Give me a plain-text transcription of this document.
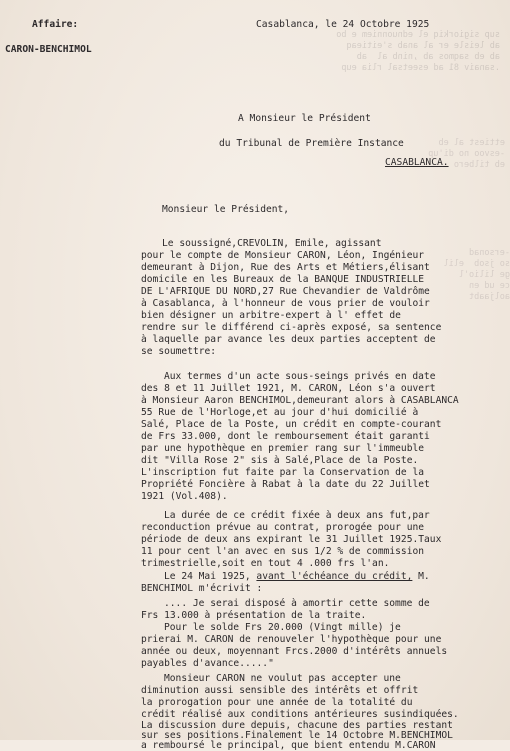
sup sigiorkiq el ednuonniem e bo
ab leisle er al anab s'eitieaq
ab eb saqmos ab ,ninb al  ab
.sanaiv 81 ad eseetsal rlia eup
ettiest al eb
-esvoo no di'up
eb tilbero
-ersonad
so jsob  elil
ge lilio'l
ce ud en
aoljaabt
Affaire:
CARON-BENCHIMOL
Casablanca, le 24 Octobre 1925
A Monsieur le Président
du Tribunal de Première Instance
CASABLANCA.
Monsieur le Président,
Le soussigné,CREVOLIN, Emile, agissant
pour le compte de Monsieur CARON, Léon, Ingénieur
demeurant à Dijon, Rue des Arts et Métiers,élisant
domicile en les Bureaux de la BANQUE INDUSTRIELLE
DE L'AFRIQUE DU NORD,27 Rue Chevandier de Valdrôme
à Casablanca, à l'honneur de vous prier de vouloir
bien désigner un arbitre-expert à l' effet de
rendre sur le différend ci-après exposé, sa sentence
à laquelle par avance les deux parties acceptent de
se soumettre:
Aux termes d'un acte sous-seings privés en date
des 8 et 11 Juillet 1921, M. CARON, Léon s'a ouvert
à Monsieur Aaron BENCHIMOL,demeurant alors à CASABLANCA
55 Rue de l'Horloge,et au jour d'hui domicilié à
Salé, Place de la Poste, un crédit en compte-courant
de Frs 33.000, dont le remboursement était garanti
par une hypothèque en premier rang sur l'immeuble
dit "Villa Rose 2" sis à Salé,Place de la Poste.
L'inscription fut faite par la Conservation de la
Propriété Foncière à Rabat à la date du 22 Juillet
1921 (Vol.408).
La durée de ce crédit fixée à deux ans fut,par
reconduction prévue au contrat, prorogée pour une
période de deux ans expirant le 31 Juillet 1925.Taux
11 pour cent l'an avec en sus 1/2 % de commission
trimestrielle,soit en tout 4 .000 frs l'an.
Le 24 Mai 1925, avant l'échéance du crédit, M.
BENCHIMOL m'écrivit :
.... Je serai disposé à amortir cette somme de
Frs 13.000 à présentation de la traite.
Pour le solde Frs 20.000 (Vingt mille) je
prierai M. CARON de renouveler l'hypothèque pour une
année ou deux, moyennant Frcs.2000 d'intérêts annuels
payables d'avance....."
Monsieur CARON ne voulut pas accepter une
diminution aussi sensible des intérêts et offrit
la prorogation pour une année de la totalité du
crédit réalisé aux conditions antérieures susindiquées.
La discussion dure depuis, chacune des parties restant
sur ses positions.Finalement le 14 Octobre M.BENCHIMOL
a remboursé le principal, que bient entendu M.CARON
